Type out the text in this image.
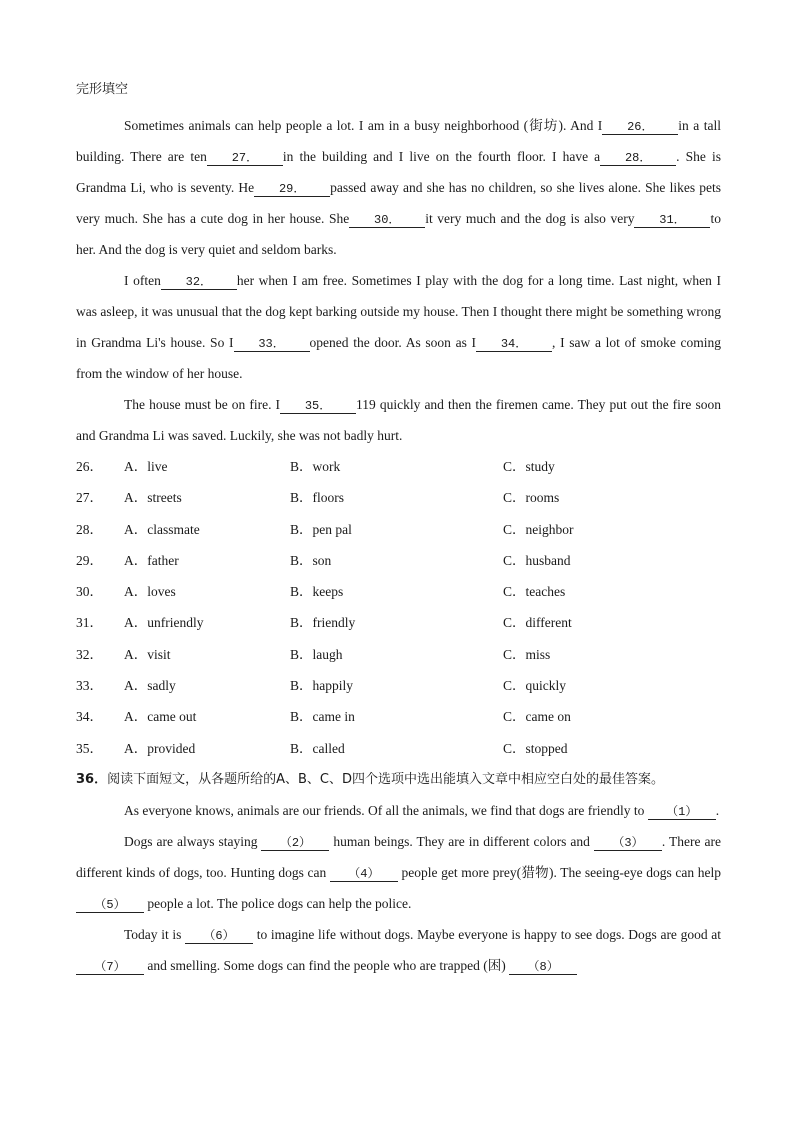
完形填空

Sometimes animals can help people a lot. I am in a busy neighborhood (街坊). And I 26． in a tall building. There are ten 27． in the building and I live on the fourth floor. I have a 28． . She is Grandma Li, who is seventy. He 29． passed away and she has no children, so she lives alone. She likes pets very much. She has a cute dog in her house. She 30． it very much and the dog is also very 31． to her. And the dog is very quiet and seldom barks.

I often 32． her when I am free. Sometimes I play with the dog for a long time. Last night, when I was asleep, it was unusual that the dog kept barking outside my house. Then I thought there might be something wrong in Grandma Li's house. So I 33． opened the door. As soon as I 34． , I saw a lot of smoke coming from the window of her house.

The house must be on fire. I 35． 119 quickly and then the firemen came. They put out the fire soon and Grandma Li was saved. Luckily, she was not badly hurt.

26．	A．live	B．work	C．study
27．	A．streets	B．floors	C．rooms
28．	A．classmate	B．pen pal	C．neighbor
29．	A．father	B．son	C．husband
30．	A．loves	B．keeps	C．teaches
31．	A．unfriendly	B．friendly	C．different
32．	A．visit	B．laugh	C．miss
33．	A．sadly	B．happily	C．quickly
34．	A．came out	B．came in	C．came on
35．	A．provided	B．called	C．stopped

36．阅读下面短文，从各题所给的A、B、C、D四个选项中选出能填入文章中相应空白处的最佳答案。

As everyone knows, animals are our friends. Of all the animals, we find that dogs are friendly to （1） .

Dogs are always staying （2） human beings. They are in different colors and （3） . There are different kinds of dogs, too. Hunting dogs can （4） people get more prey(猎物). The seeing-eye dogs can help （5） people a lot. The police dogs can help the police.

Today it is （6） to imagine life without dogs. Maybe everyone is happy to see dogs. Dogs are good at （7） and smelling. Some dogs can find the people who are trapped (困) （8）
